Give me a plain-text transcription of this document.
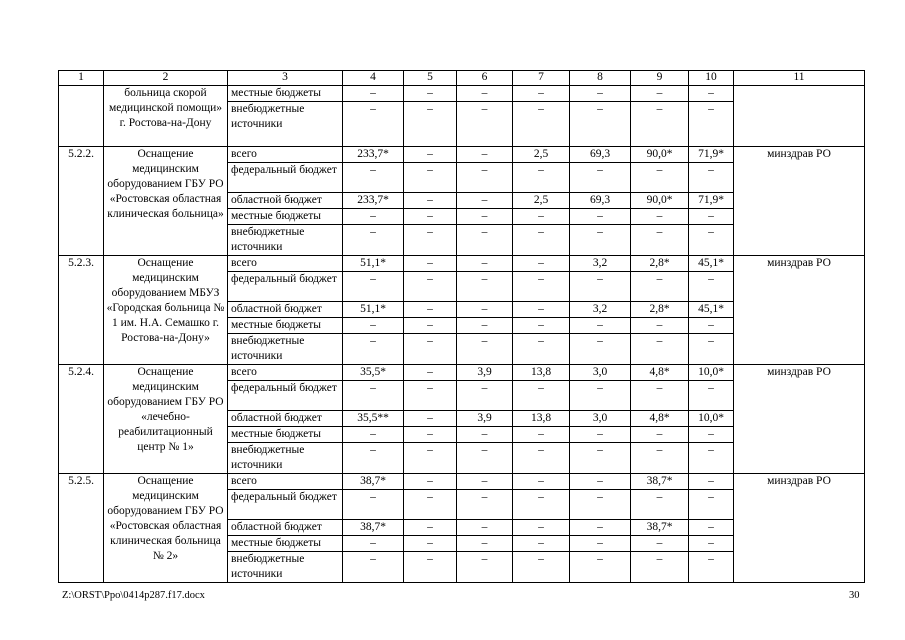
1	2	3	4	5	6	7	8	9	10	11
	больница скорой медицинской помощи» г. Ростова-на-Дону	местные бюджеты	–	–	–	–	–	–	–	
		внебюджетные источники	–	–	–	–	–	–	–	
5.2.2.	Оснащение медицинским оборудованием ГБУ РО «Ростовская областная клиническая больница»	всего	233,7*	–	–	2,5	69,3	90,0*	71,9*	минздрав РО
		федеральный бюджет	–	–	–	–	–	–	–	
		областной бюджет	233,7*	–	–	2,5	69,3	90,0*	71,9*	
		местные бюджеты	–	–	–	–	–	–	–	
		внебюджетные источники	–	–	–	–	–	–	–	
5.2.3.	Оснащение медицинским оборудованием МБУЗ «Городская больница № 1 им. Н.А. Семашко г. Ростова-на-Дону»	всего	51,1*	–	–	–	3,2	2,8*	45,1*	минздрав РО
		федеральный бюджет	–	–	–	–	–	–	–	
		областной бюджет	51,1*	–	–	–	3,2	2,8*	45,1*	
		местные бюджеты	–	–	–	–	–	–	–	
		внебюджетные источники	–	–	–	–	–	–	–	
5.2.4.	Оснащение медицинским оборудованием ГБУ РО «лечебно-реабилитационный центр № 1»	всего	35,5*	–	3,9	13,8	3,0	4,8*	10,0*	минздрав РО
		федеральный бюджет	–	–	–	–	–	–	–	
		областной бюджет	35,5**	–	3,9	13,8	3,0	4,8*	10,0*	
		местные бюджеты	–	–	–	–	–	–	–	
		внебюджетные источники	–	–	–	–	–	–	–	
5.2.5.	Оснащение медицинским оборудованием ГБУ РО «Ростовская областная клиническая больница № 2»	всего	38,7*	–	–	–	–	38,7*	–	минздрав РО
		федеральный бюджет	–	–	–	–	–	–	–	
		областной бюджет	38,7*	–	–	–	–	38,7*	–	
		местные бюджеты	–	–	–	–	–	–	–	
		внебюджетные источники	–	–	–	–	–	–	–	
Z:\ORST\Ppo\0414p287.f17.docx	30
